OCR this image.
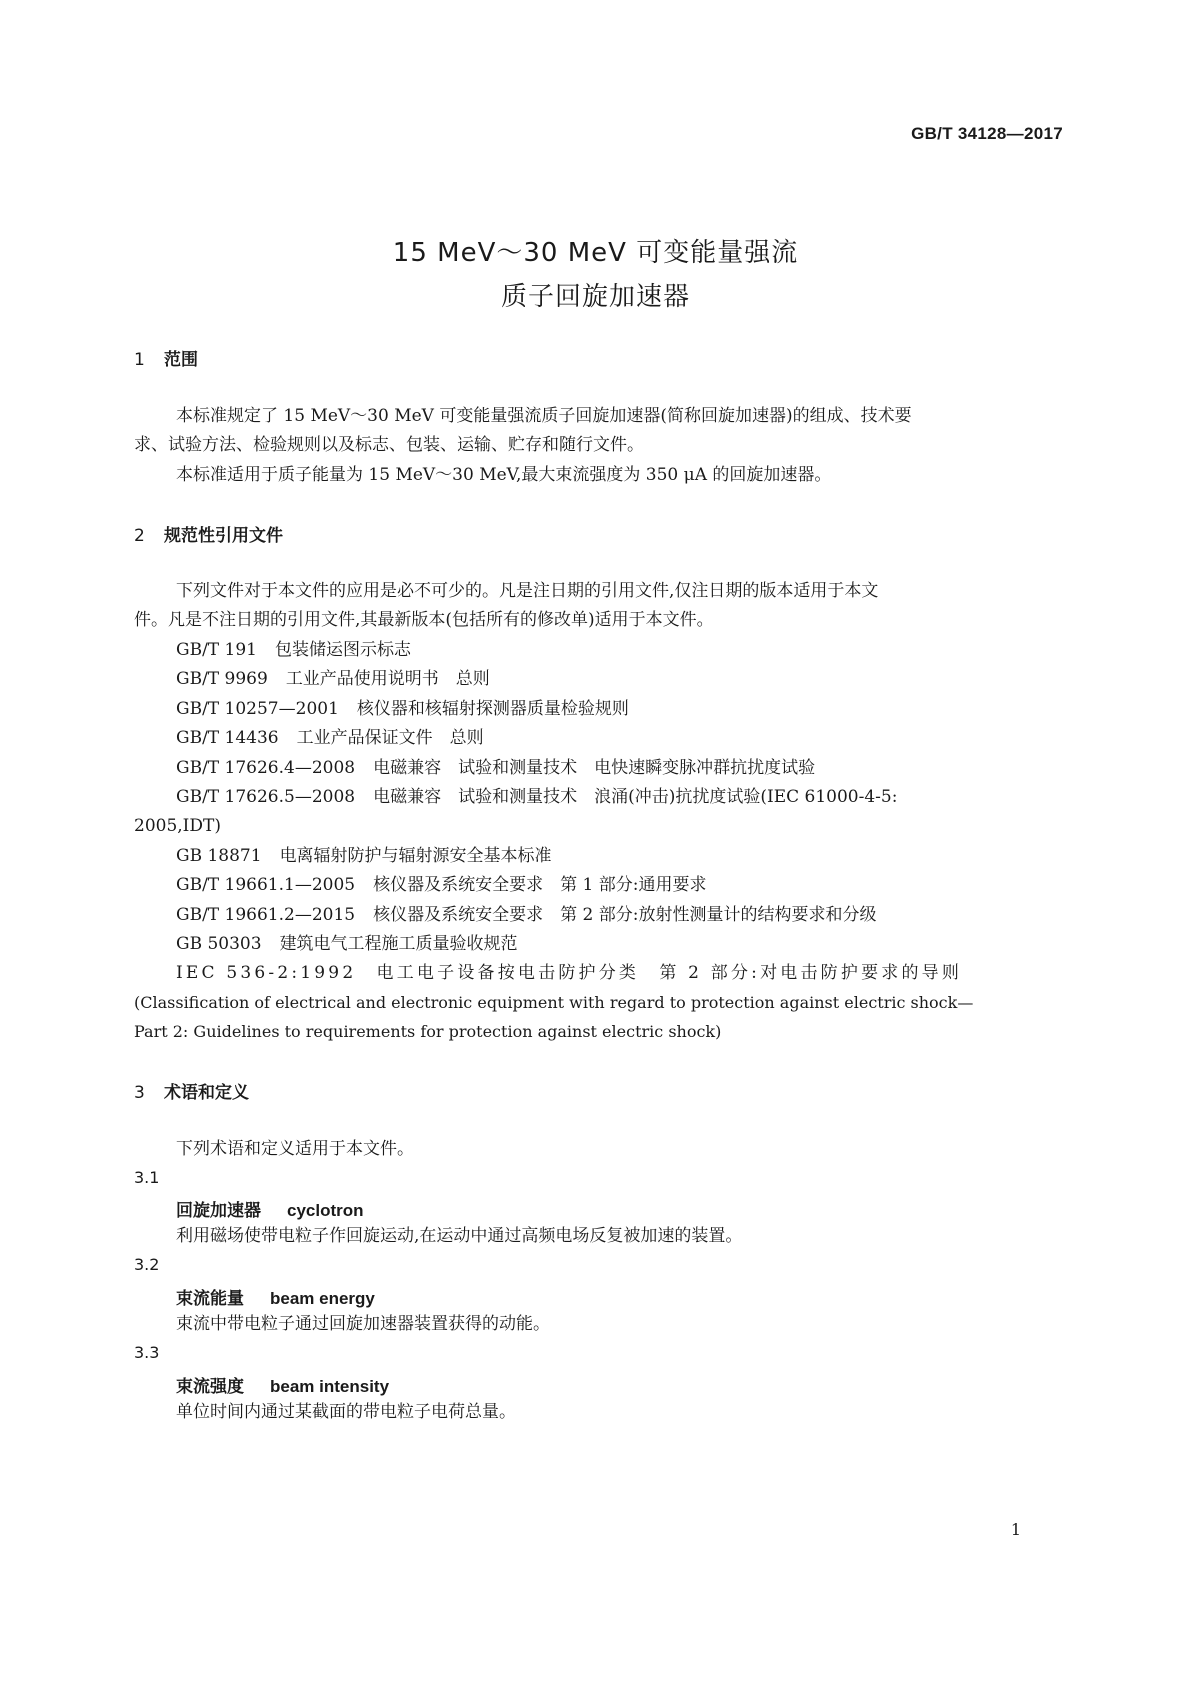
GB/T 34128—2017
15 MeV～30 MeV 可变能量强流
质子回旋加速器
1 范围
本标准规定了 15 MeV～30 MeV 可变能量强流质子回旋加速器(简称回旋加速器)的组成、技术要
求、试验方法、检验规则以及标志、包装、运输、贮存和随行文件。
本标准适用于质子能量为 15 MeV～30 MeV,最大束流强度为 350 μA 的回旋加速器。
2 规范性引用文件
下列文件对于本文件的应用是必不可少的。凡是注日期的引用文件,仅注日期的版本适用于本文
件。凡是不注日期的引用文件,其最新版本(包括所有的修改单)适用于本文件。
GB/T 191 包装储运图示标志
GB/T 9969 工业产品使用说明书　总则
GB/T 10257—2001 核仪器和核辐射探测器质量检验规则
GB/T 14436 工业产品保证文件　总则
GB/T 17626.4—2008 电磁兼容　试验和测量技术　电快速瞬变脉冲群抗扰度试验
GB/T 17626.5—2008 电磁兼容　试验和测量技术　浪涌(冲击)抗扰度试验(IEC 61000-4-5:
2005,IDT)
GB 18871 电离辐射防护与辐射源安全基本标准
GB/T 19661.1—2005 核仪器及系统安全要求　第 1 部分:通用要求
GB/T 19661.2—2015 核仪器及系统安全要求　第 2 部分:放射性测量计的结构要求和分级
GB 50303 建筑电气工程施工质量验收规范
IEC 536-2:1992　电工电子设备按电击防护分类　第 2 部分:对电击防护要求的导则
(Classification of electrical and electronic equipment with regard to protection against electric shock—
Part 2: Guidelines to requirements for protection against electric shock)
3 术语和定义
下列术语和定义适用于本文件。
3.1
回旋加速器 cyclotron
利用磁场使带电粒子作回旋运动,在运动中通过高频电场反复被加速的装置。
3.2
束流能量 beam energy
束流中带电粒子通过回旋加速器装置获得的动能。
3.3
束流强度 beam intensity
单位时间内通过某截面的带电粒子电荷总量。
1
